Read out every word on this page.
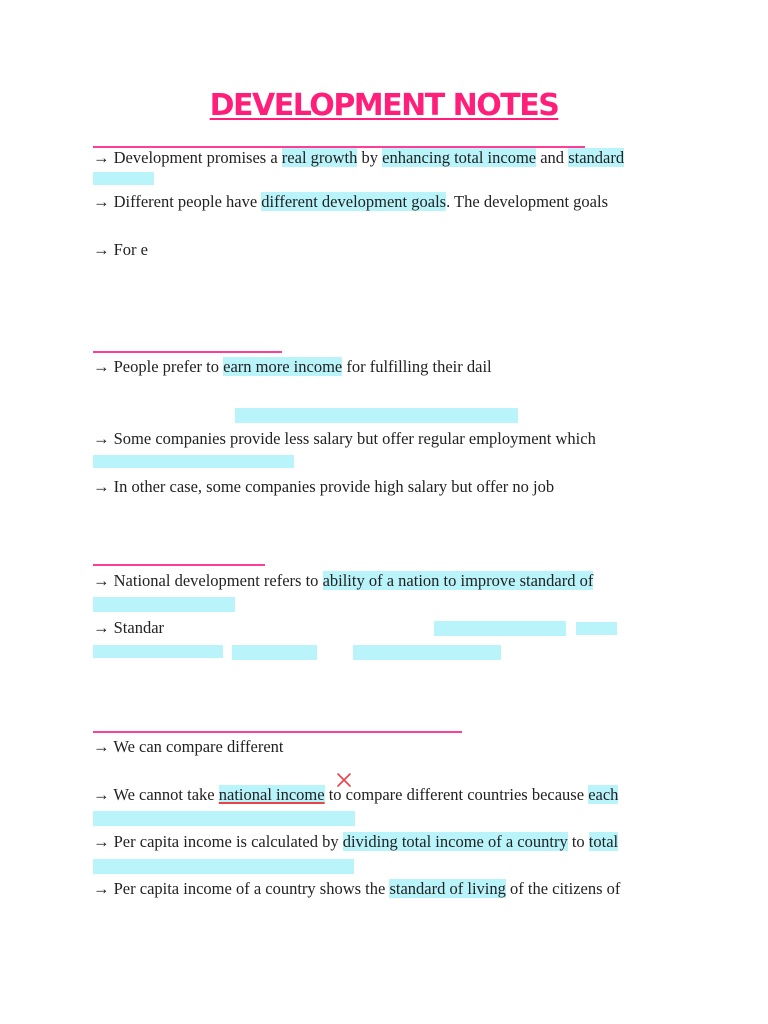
DEVELOPMENT NOTES
→ Development promises a real growth by enhancing total income and standard
→ Different people have different development goals. The development goals
→ For e
→ People prefer to earn more income for fulfilling their dail
→ Some companies provide less salary but offer regular employment which
→ In other case, some companies provide high salary but offer no job
→ National development refers to ability of a nation to improve standard of
→ Standar
→ We can compare different
→ We cannot take national income to compare different countries because each
→ Per capita income is calculated by dividing total income of a country to total
→ Per capita income of a country shows the standard of living of the citizens of
